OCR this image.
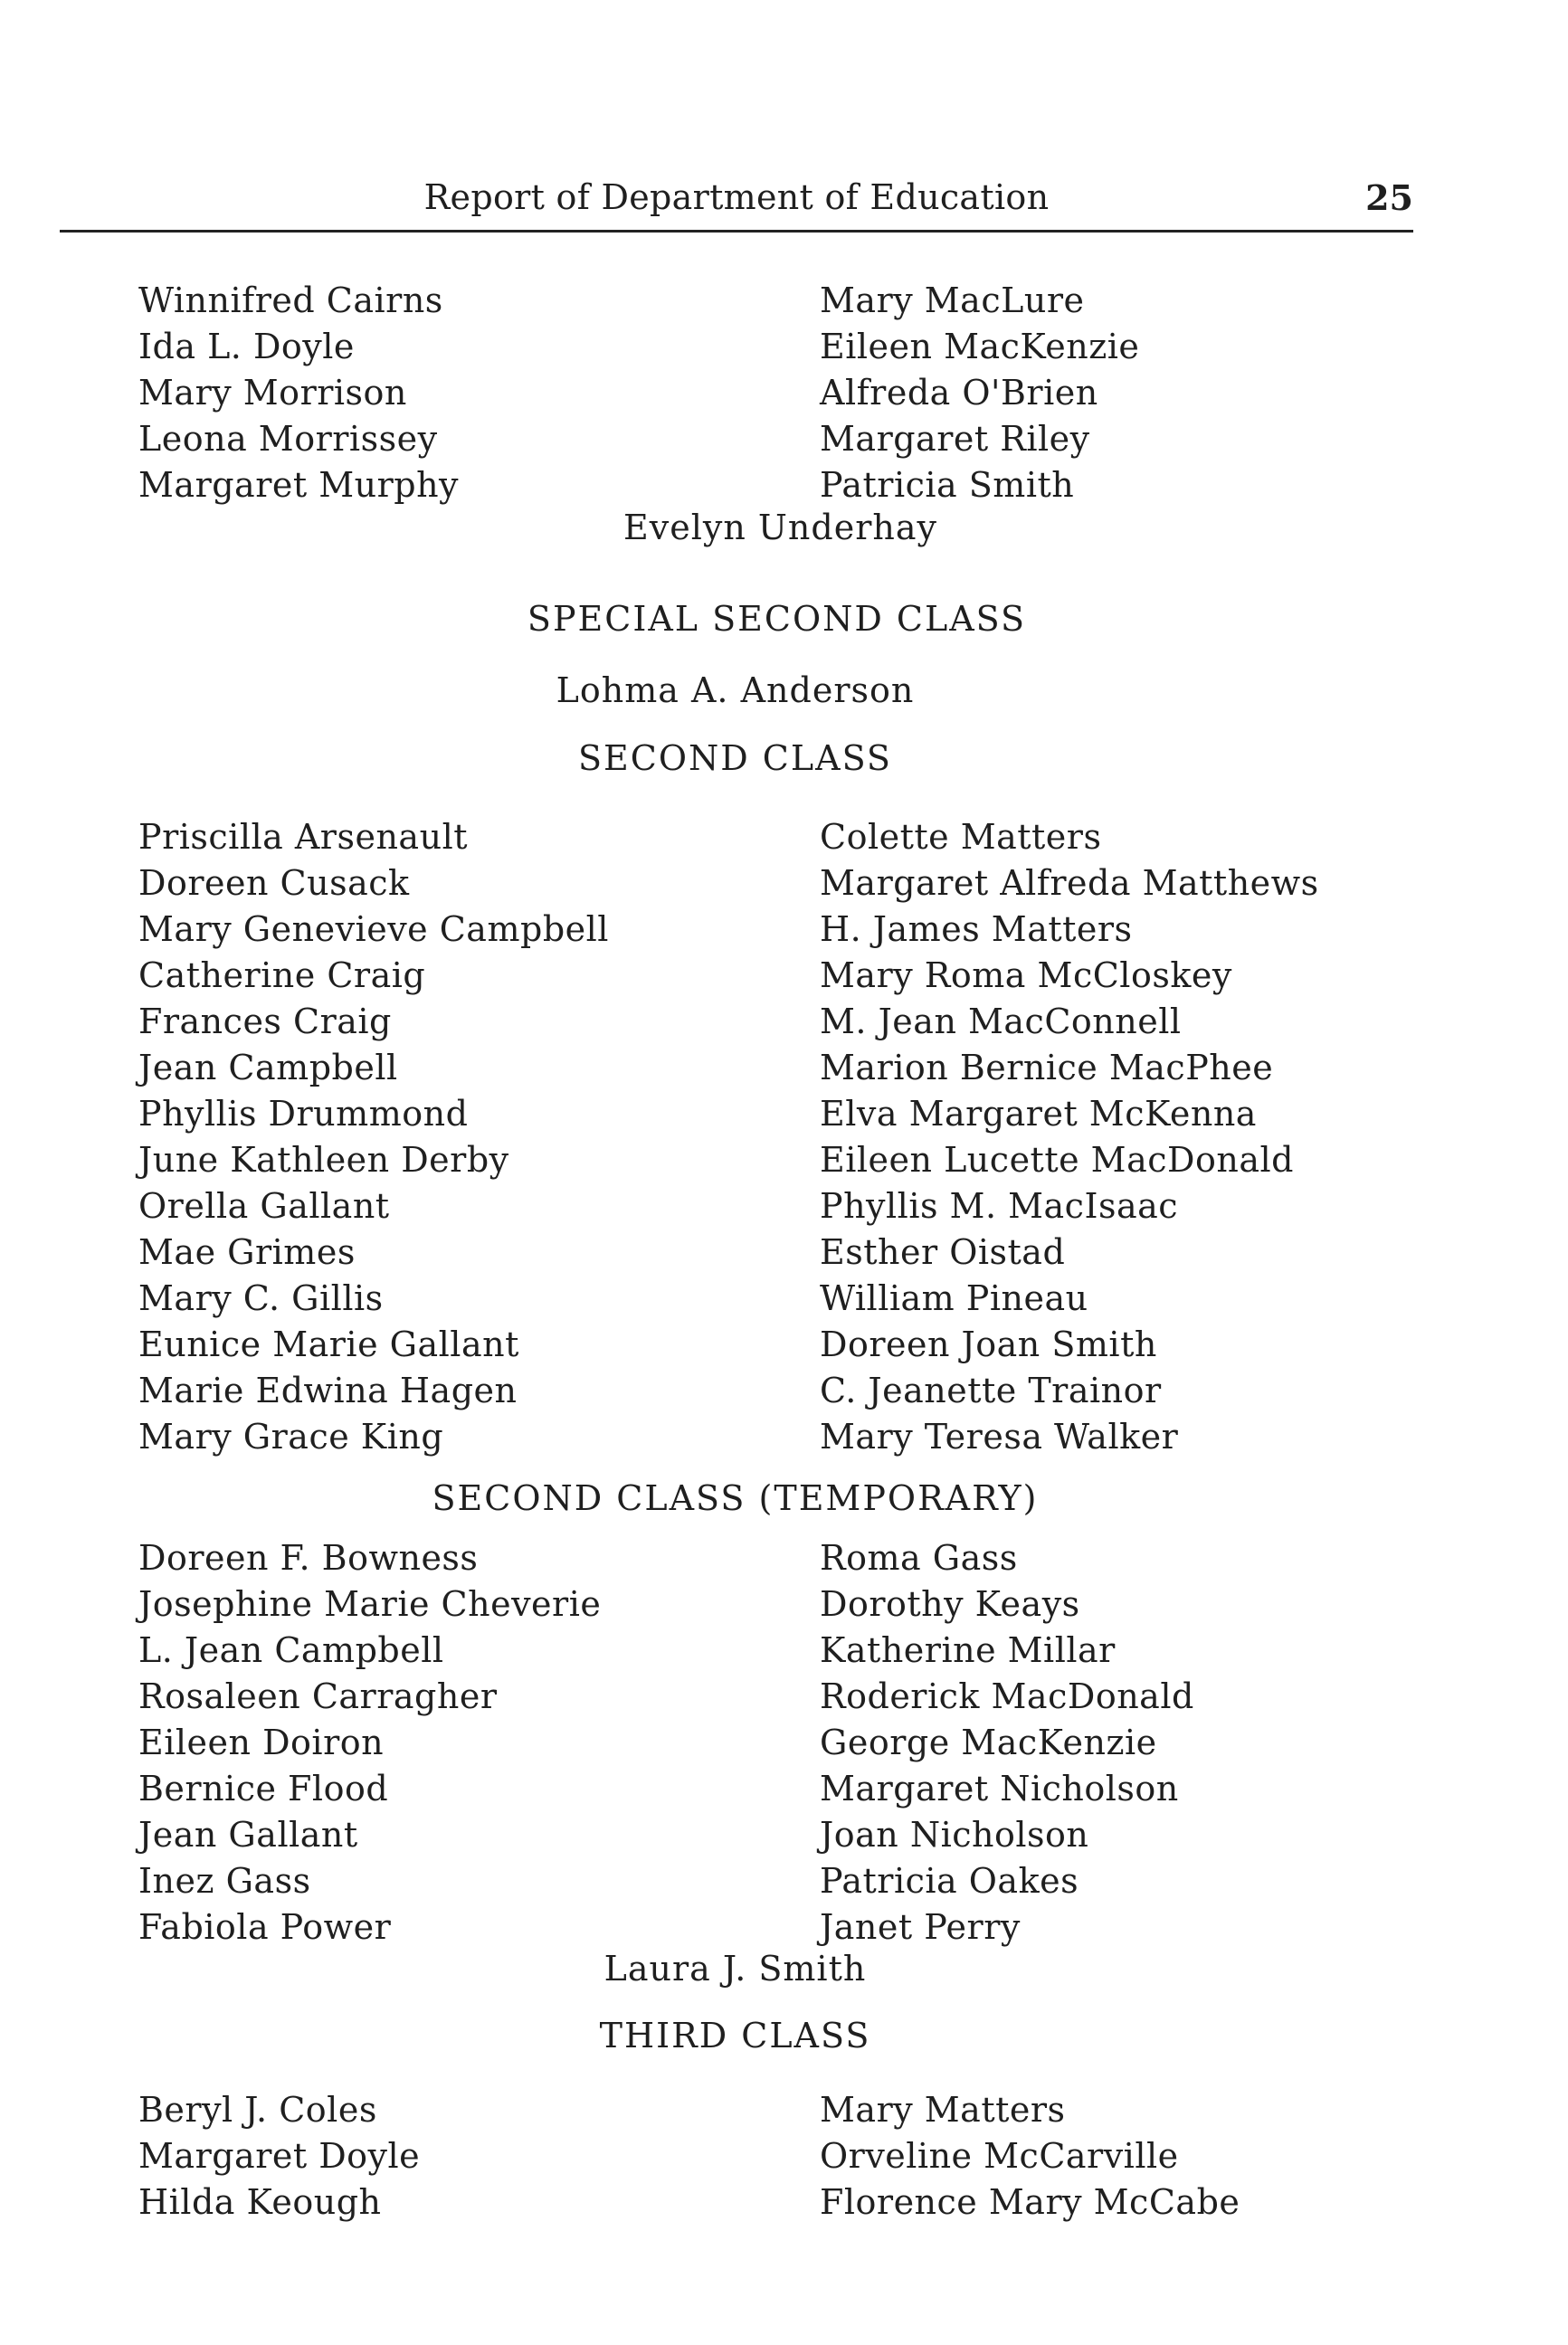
Report of Department of Education	25
Winnifred Cairns
Ida L. Doyle
Mary Morrison
Leona Morrissey
Margaret Murphy
Mary MacLure
Eileen MacKenzie
Alfreda O'Brien
Margaret Riley
Patricia Smith
Evelyn Underhay
SPECIAL SECOND CLASS
Lohma A. Anderson
SECOND CLASS
Priscilla Arsenault
Doreen Cusack
Mary Genevieve Campbell
Catherine Craig
Frances Craig
Jean Campbell
Phyllis Drummond
June Kathleen Derby
Orella Gallant
Mae Grimes
Mary C. Gillis
Eunice Marie Gallant
Marie Edwina Hagen
Mary Grace King
Colette Matters
Margaret Alfreda Matthews
H. James Matters
Mary Roma McCloskey
M. Jean MacConnell
Marion Bernice MacPhee
Elva Margaret McKenna
Eileen Lucette MacDonald
Phyllis M. MacIsaac
Esther Oistad
William Pineau
Doreen Joan Smith
C. Jeanette Trainor
Mary Teresa Walker
SECOND CLASS (TEMPORARY)
Doreen F. Bowness
Josephine Marie Cheverie
L. Jean Campbell
Rosaleen Carragher
Eileen Doiron
Bernice Flood
Jean Gallant
Inez Gass
Fabiola Power
Roma Gass
Dorothy Keays
Katherine Millar
Roderick MacDonald
George MacKenzie
Margaret Nicholson
Joan Nicholson
Patricia Oakes
Janet Perry
Laura J. Smith
THIRD CLASS
Beryl J. Coles
Margaret Doyle
Hilda Keough
Mary Matters
Orveline McCarville
Florence Mary McCabe
